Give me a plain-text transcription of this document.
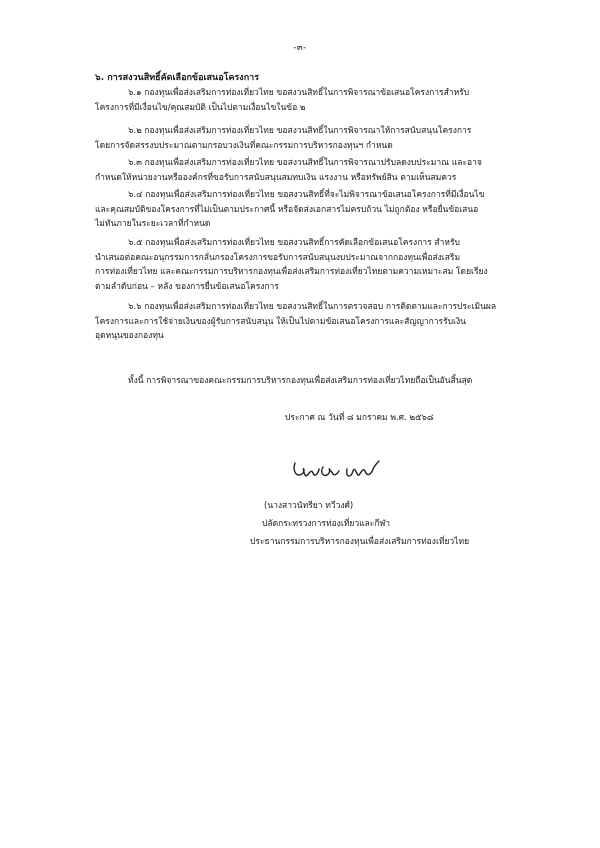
-๓-
๖. การสงวนสิทธิ์คัดเลือกข้อเสนอโครงการ
๖.๑ กองทุนเพื่อส่งเสริมการท่องเที่ยวไทย ขอสงวนสิทธิ์ในการพิจารณาข้อเสนอโครงการสำหรับ
โครงการที่มีเงื่อนไข/คุณสมบัติ เป็นไปตามเงื่อนไขในข้อ ๒
๖.๒ กองทุนเพื่อส่งเสริมการท่องเที่ยวไทย ขอสงวนสิทธิ์ในการพิจารณาให้การสนับสนุนโครงการ
โดยการจัดสรรงบประมาณตามกรอบวงเงินที่คณะกรรมการบริหารกองทุนฯ กำหนด
๖.๓ กองทุนเพื่อส่งเสริมการท่องเที่ยวไทย ขอสงวนสิทธิ์ในการพิจารณาปรับลดงบประมาณ และอาจ
กำหนดให้หน่วยงานหรือองค์กรที่ขอรับการสนับสนุนสมทบเงิน แรงงาน หรือทรัพย์สิน ตามเห็นสมควร
๖.๔ กองทุนเพื่อส่งเสริมการท่องเที่ยวไทย ขอสงวนสิทธิ์ที่จะไม่พิจารณาข้อเสนอโครงการที่มีเงื่อนไข
และคุณสมบัติของโครงการที่ไม่เป็นตามประกาศนี้ หรือจัดส่งเอกสารไม่ครบถ้วน ไม่ถูกต้อง หรือยื่นข้อเสนอ
ไม่ทันภายในระยะเวลาที่กำหนด
๖.๕ กองทุนเพื่อส่งเสริมการท่องเที่ยวไทย ขอสงวนสิทธิ์การคัดเลือกข้อเสนอโครงการ สำหรับ
นำเสนอต่อคณะอนุกรรมการกลั่นกรองโครงการขอรับการสนับสนุนงบประมาณจากกองทุนเพื่อส่งเสริม
การท่องเที่ยวไทย และคณะกรรมการบริหารกองทุนเพื่อส่งเสริมการท่องเที่ยวไทยตามความเหมาะสม โดยเรียง
ตามลำดับก่อน – หลัง ของการยื่นข้อเสนอโครงการ
๖.๖ กองทุนเพื่อส่งเสริมการท่องเที่ยวไทย ขอสงวนสิทธิ์ในการตรวจสอบ การติดตามและการประเมินผล
โครงการและการใช้จ่ายเงินของผู้รับการสนับสนุน ให้เป็นไปตามข้อเสนอโครงการและสัญญาการรับเงิน
อุดหนุนของกองทุน
ทั้งนี้ การพิจารณาของคณะกรรมการบริหารกองทุนเพื่อส่งเสริมการท่องเที่ยวไทยถือเป็นอันสิ้นสุด
ประกาศ ณ วันที่ ๘ มกราคม พ.ศ. ๒๕๖๘
(นางสาวนัทรียา ทวีวงศ์)
ปลัดกระทรวงการท่องเที่ยวและกีฬา
ประธานกรรมการบริหารกองทุนเพื่อส่งเสริมการท่องเที่ยวไทย
